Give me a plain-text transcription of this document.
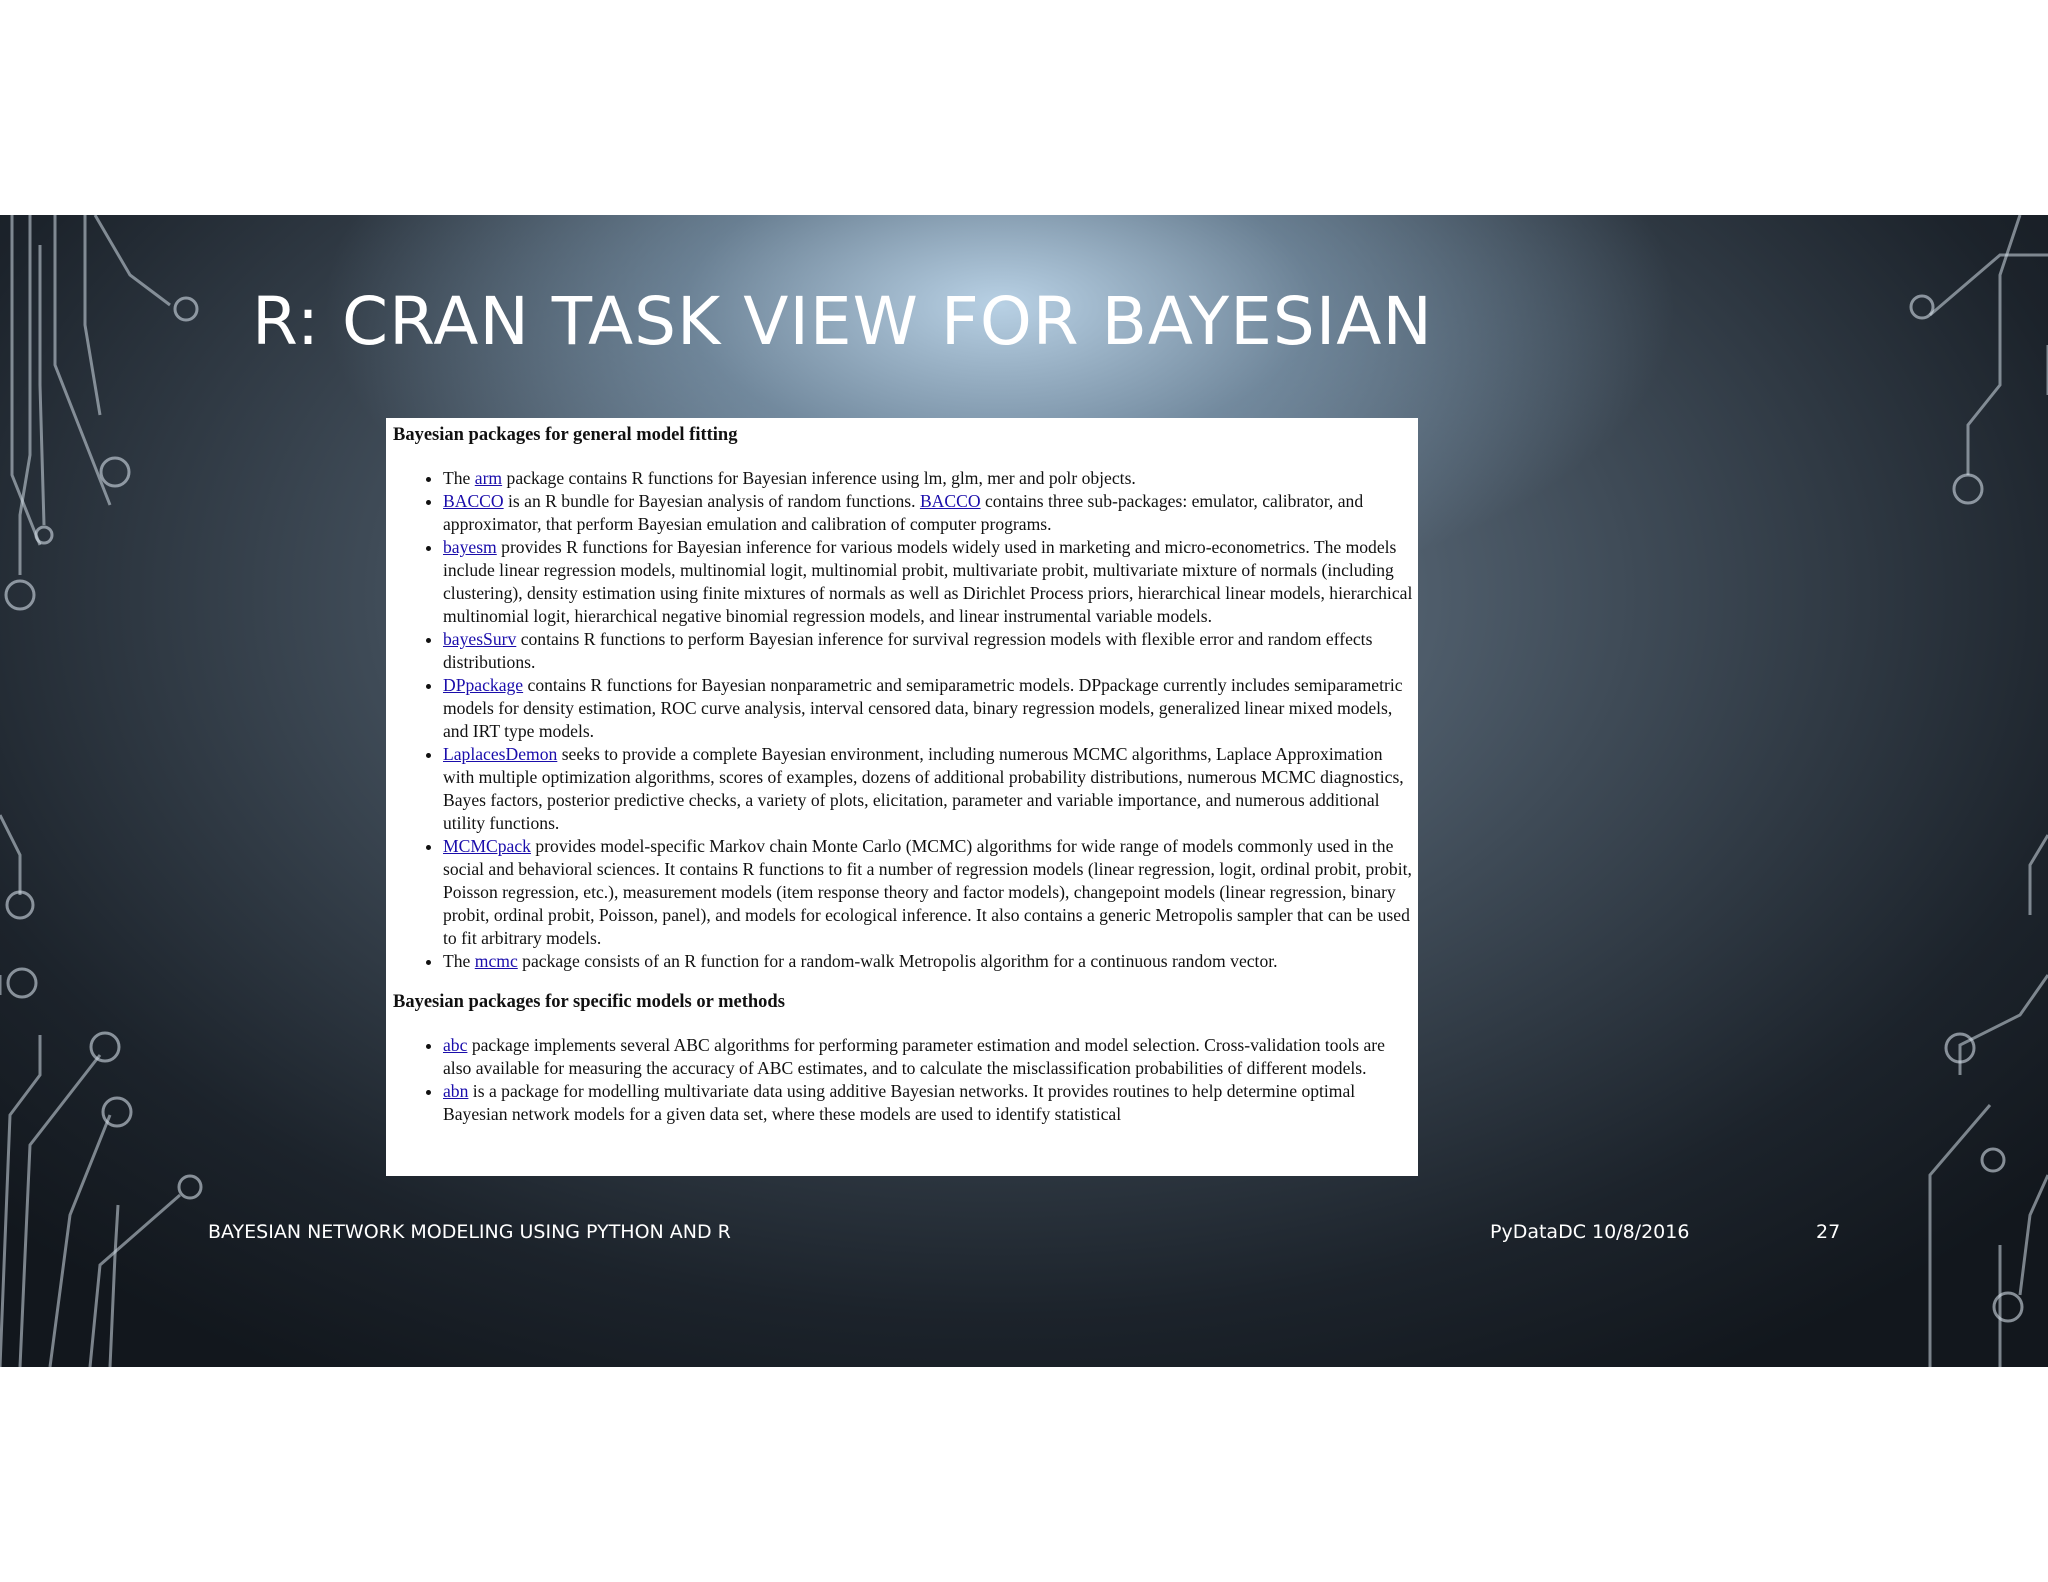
R: CRAN TASK VIEW FOR BAYESIAN
Bayesian packages for general model fitting
• The arm package contains R functions for Bayesian inference using lm, glm, mer and polr objects.
• BACCO is an R bundle for Bayesian analysis of random functions. BACCO contains three sub-packages: emulator, calibrator, and approximator, that perform Bayesian emulation and calibration of computer programs.
• bayesm provides R functions for Bayesian inference for various models widely used in marketing and micro-econometrics. The models include linear regression models, multinomial logit, multinomial probit, multivariate probit, multivariate mixture of normals (including clustering), density estimation using finite mixtures of normals as well as Dirichlet Process priors, hierarchical linear models, hierarchical multinomial logit, hierarchical negative binomial regression models, and linear instrumental variable models.
• bayesSurv contains R functions to perform Bayesian inference for survival regression models with flexible error and random effects distributions.
• DPpackage contains R functions for Bayesian nonparametric and semiparametric models. DPpackage currently includes semiparametric models for density estimation, ROC curve analysis, interval censored data, binary regression models, generalized linear mixed models, and IRT type models.
• LaplacesDemon seeks to provide a complete Bayesian environment, including numerous MCMC algorithms, Laplace Approximation with multiple optimization algorithms, scores of examples, dozens of additional probability distributions, numerous MCMC diagnostics, Bayes factors, posterior predictive checks, a variety of plots, elicitation, parameter and variable importance, and numerous additional utility functions.
• MCMCpack provides model-specific Markov chain Monte Carlo (MCMC) algorithms for wide range of models commonly used in the social and behavioral sciences. It contains R functions to fit a number of regression models (linear regression, logit, ordinal probit, probit, Poisson regression, etc.), measurement models (item response theory and factor models), changepoint models (linear regression, binary probit, ordinal probit, Poisson, panel), and models for ecological inference. It also contains a generic Metropolis sampler that can be used to fit arbitrary models.
• The mcmc package consists of an R function for a random-walk Metropolis algorithm for a continuous random vector.
Bayesian packages for specific models or methods
• abc package implements several ABC algorithms for performing parameter estimation and model selection. Cross-validation tools are also available for measuring the accuracy of ABC estimates, and to calculate the misclassification probabilities of different models.
• abn is a package for modelling multivariate data using additive Bayesian networks. It provides routines to help determine optimal Bayesian network models for a given data set, where these models are used to identify statistical
BAYESIAN NETWORK MODELING USING PYTHON AND R	PyDataDC 10/8/2016	27
